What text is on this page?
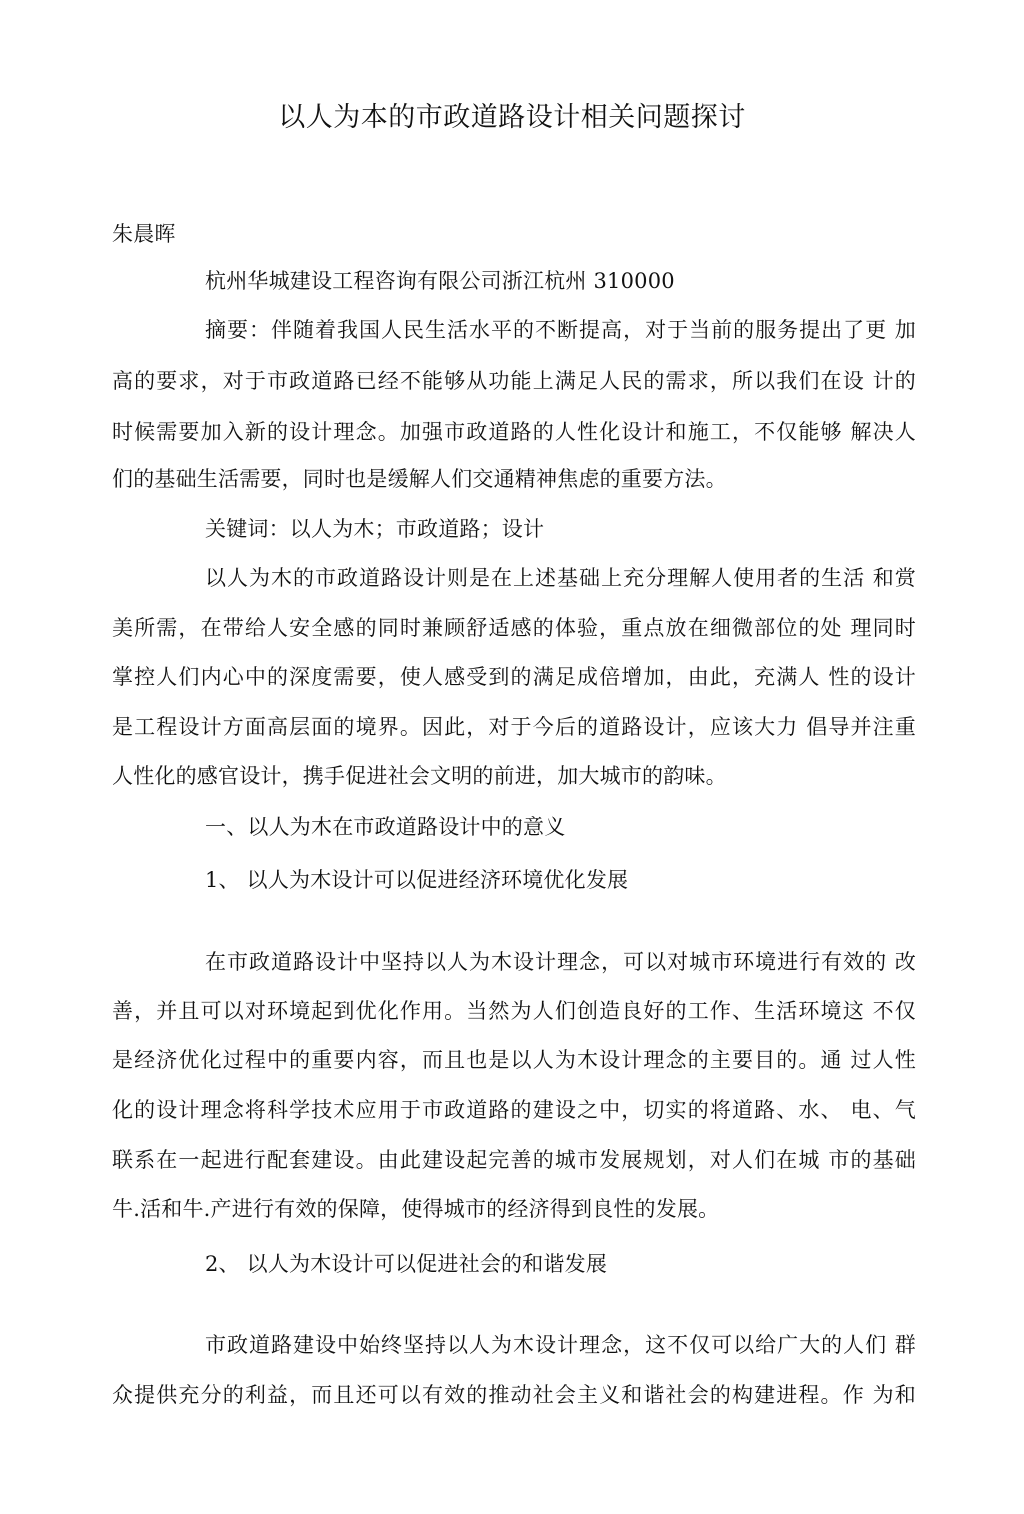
以人为本的市政道路设计相关问题探讨
朱晨晖
杭州华城建设工程咨询有限公司浙江杭州 310000
摘要：伴随着我国人民生活水平的不断提高，对于当前的服务提出了更 加
高的要求，对于市政道路已经不能够从功能上满足人民的需求，所以我们在设 计的
时候需要加入新的设计理念。加强市政道路的人性化设计和施工，不仅能够 解决人
们的基础生活需要，同时也是缓解人们交通精神焦虑的重要方法。
关键词：以人为木；市政道路；设计
以人为木的市政道路设计则是在上述基础上充分理解人使用者的生活 和赏
美所需，在带给人安全感的同时兼顾舒适感的体验，重点放在细微部位的处 理同时
掌控人们内心中的深度需要，使人感受到的满足成倍增加，由此，充满人 性的设计
是工程设计方面高层面的境界。因此，对于今后的道路设计，应该大力 倡导并注重
人性化的感官设计，携手促进社会文明的前进，加大城市的韵味。
一、以人为木在市政道路设计中的意义
1、 以人为木设计可以促进经济环境优化发展
在市政道路设计中坚持以人为木设计理念，可以对城市环境进行有效的 改
善，并且可以对环境起到优化作用。当然为人们创造良好的工作、生活环境这 不仅
是经济优化过程中的重要内容，而且也是以人为木设计理念的主要目的。通 过人性
化的设计理念将科学技术应用于市政道路的建设之中，切实的将道路、水、 电、气
联系在一起进行配套建设。由此建设起完善的城市发展规划，对人们在城 市的基础
牛.活和牛.产进行有效的保障，使得城市的经济得到良性的发展。
2、 以人为木设计可以促进社会的和谐发展
市政道路建设中始终坚持以人为木设计理念，这不仅可以给广大的人们 群
众提供充分的利益，而且还可以有效的推动社会主义和谐社会的构建进程。作 为和
